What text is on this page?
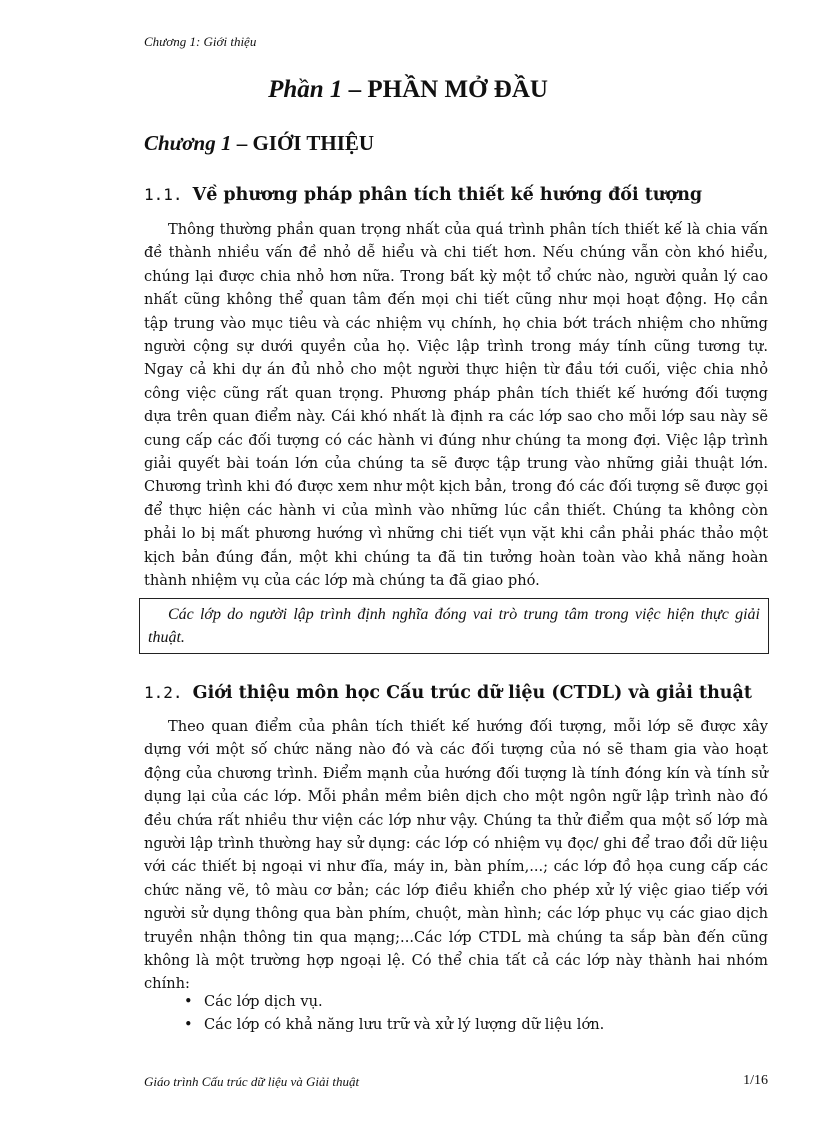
Chương 1: Giới thiệu
Phần 1 – PHẦN MỞ ĐẦU
Chương 1 – GIỚI THIỆU
1.1. Về phương pháp phân tích thiết kế hướng đối tượng

Thông thường phần quan trọng nhất của quá trình phân tích thiết kế là chia vấn đề thành nhiều vấn đề nhỏ dễ hiểu và chi tiết hơn. Nếu chúng vẫn còn khó hiểu, chúng lại được chia nhỏ hơn nữa. Trong bất kỳ một tổ chức nào, người quản lý cao nhất cũng không thể quan tâm đến mọi chi tiết cũng như mọi hoạt động. Họ cần tập trung vào mục tiêu và các nhiệm vụ chính, họ chia bớt trách nhiệm cho những người cộng sự dưới quyền của họ. Việc lập trình trong máy tính cũng tương tự. Ngay cả khi dự án đủ nhỏ cho một người thực hiện từ đầu tới cuối, việc chia nhỏ công việc cũng rất quan trọng. Phương pháp phân tích thiết kế hướng đối tượng dựa trên quan điểm này. Cái khó nhất là định ra các lớp sao cho mỗi lớp sau này sẽ cung cấp các đối tượng có các hành vi đúng như chúng ta mong đợi. Việc lập trình giải quyết bài toán lớn của chúng ta sẽ được tập trung vào những giải thuật lớn. Chương trình khi đó được xem như một kịch bản, trong đó các đối tượng sẽ được gọi để thực hiện các hành vi của mình vào những lúc cần thiết. Chúng ta không còn phải lo bị mất phương hướng vì những chi tiết vụn vặt khi cần phải phác thảo một kịch bản đúng đắn, một khi chúng ta đã tin tưởng hoàn toàn vào khả năng hoàn thành nhiệm vụ của các lớp mà chúng ta đã giao phó.

Các lớp do người lập trình định nghĩa đóng vai trò trung tâm trong việc hiện thực giải thuật.
1.2. Giới thiệu môn học Cấu trúc dữ liệu (CTDL) và giải thuật

Theo quan điểm của phân tích thiết kế hướng đối tượng, mỗi lớp sẽ được xây dựng với một số chức năng nào đó và các đối tượng của nó sẽ tham gia vào hoạt động của chương trình. Điểm mạnh của hướng đối tượng là tính đóng kín và tính sử dụng lại của các lớp. Mỗi phần mềm biên dịch cho một ngôn ngữ lập trình nào đó đều chứa rất nhiều thư viện các lớp như vậy. Chúng ta thử điểm qua một số lớp mà người lập trình thường hay sử dụng: các lớp có nhiệm vụ đọc/ ghi để trao đổi dữ liệu với các thiết bị ngoại vi như đĩa, máy in, bàn phím,...; các lớp đồ họa cung cấp các chức năng vẽ, tô màu cơ bản; các lớp điều khiển cho phép xử lý việc giao tiếp với người sử dụng thông qua bàn phím, chuột, màn hình; các lớp phục vụ các giao dịch truyền nhận thông tin qua mạng;...Các lớp CTDL mà chúng ta sắp bàn đến cũng không là một trường hợp ngoại lệ. Có thể chia tất cả các lớp này thành hai nhóm chính:

• Các lớp dịch vụ.
• Các lớp có khả năng lưu trữ và xử lý lượng dữ liệu lớn.
Giáo trình Cấu trúc dữ liệu và Giải thuật	1/16
